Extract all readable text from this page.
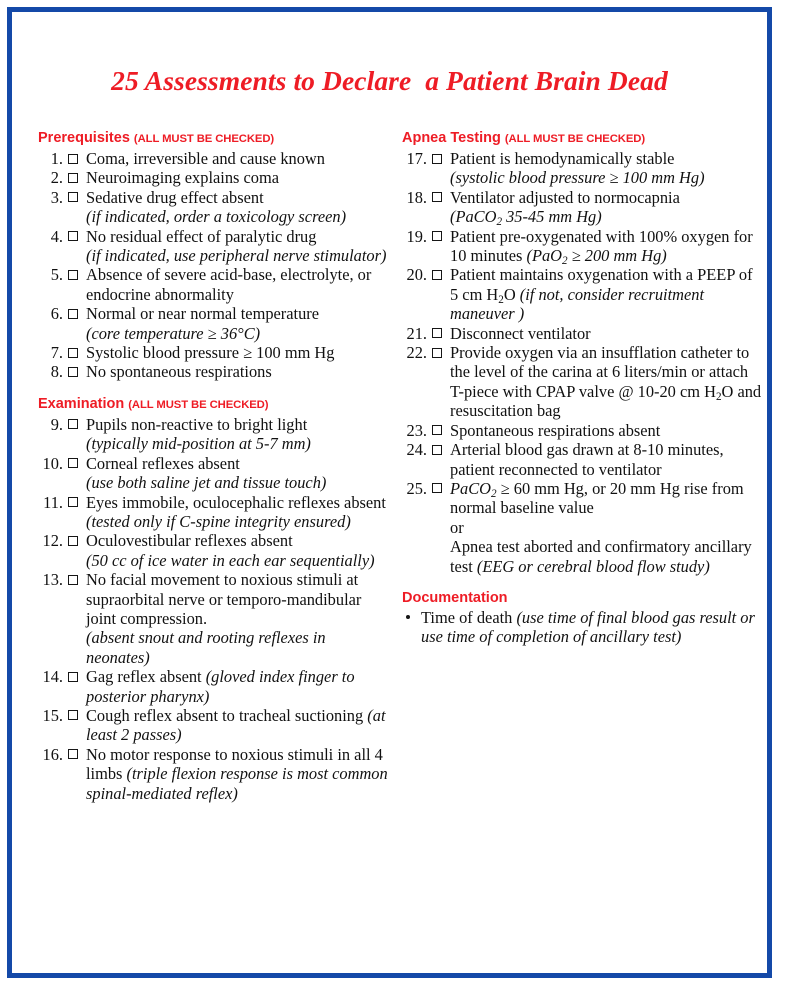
25 Assessments to Declare  a Patient Brain Dead
Prerequisites (ALL MUST BE CHECKED)
1. Coma, irreversible and cause known
2. Neuroimaging explains coma
3. Sedative drug effect absent
(if indicated, order a toxicology screen)
4. No residual effect of paralytic drug
(if indicated, use peripheral nerve stimulator)
5. Absence of severe acid-base, electrolyte, or endocrine abnormality
6. Normal or near normal temperature
(core temperature ≥ 36°C)
7. Systolic blood pressure ≥ 100 mm Hg
8. No spontaneous respirations
Examination (ALL MUST BE CHECKED)
9. Pupils non-reactive to bright light
(typically mid-position at 5-7 mm)
10. Corneal reflexes absent
(use both saline jet and tissue touch)
11. Eyes immobile, oculocephalic reflexes absent (tested only if C-spine integrity ensured)
12. Oculovestibular reflexes absent
(50 cc of ice water in each ear sequentially)
13. No facial movement to noxious stimuli at supraorbital nerve or temporo-mandibular joint compression.
(absent snout and rooting reflexes in neonates)
14. Gag reflex absent (gloved index finger to posterior pharynx)
15. Cough reflex absent to tracheal suctioning (at least 2 passes)
16. No motor response to noxious stimuli in all 4 limbs (triple flexion response is most common spinal-mediated reflex)
Apnea Testing (ALL MUST BE CHECKED)
17. Patient is hemodynamically stable
(systolic blood pressure ≥ 100 mm Hg)
18. Ventilator adjusted to normocapnia
(PaCO$_2$ 35-45 mm Hg)
19. Patient pre-oxygenated with 100% oxygen for 10 minutes (PaO$_2$ ≥ 200 mm Hg)
20. Patient maintains oxygenation with a PEEP of 5 cm $H_2O$ (if not, consider recruitment maneuver )
21. Disconnect ventilator
22. Provide oxygen via an insufflation catheter to the level of the carina at 6 liters/min or attach T-piece with CPAP valve @ 10-20 cm $H_2O$ and resuscitation bag
23. Spontaneous respirations absent
24. Arterial blood gas drawn at 8-10 minutes, patient reconnected to ventilator
25. PaCO$_2$ ≥ 60 mm Hg, or 20 mm Hg rise from normal baseline value
or
Apnea test aborted and confirmatory ancillary test (EEG or cerebral blood flow study)
Documentation
Time of death (use time of final blood gas result or use time of completion of ancillary test)
